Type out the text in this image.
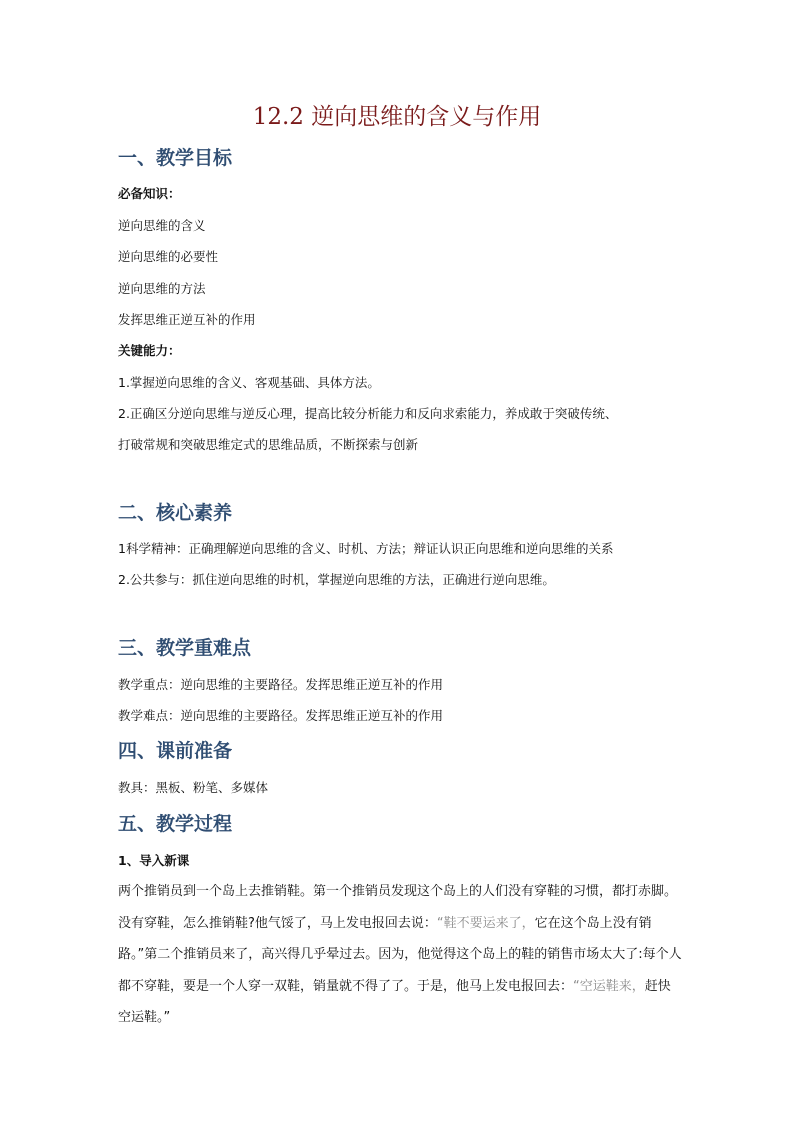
12.2 逆向思维的含义与作用
一、教学目标
必备知识：
逆向思维的含义
逆向思维的必要性
逆向思维的方法
发挥思维正逆互补的作用
关键能力：
1.掌握逆向思维的含义、客观基础、具体方法。
2.正确区分逆向思维与逆反心理，提高比较分析能力和反向求索能力，养成敢于突破传统、
打破常规和突破思维定式的思维品质，不断探索与创新
二、核心素养
1科学精神：正确理解逆向思维的含义、时机、方法；辩证认识正向思维和逆向思维的关系
2.公共参与：抓住逆向思维的时机，掌握逆向思维的方法，正确进行逆向思维。
三、教学重难点
教学重点：逆向思维的主要路径。发挥思维正逆互补的作用
教学难点：逆向思维的主要路径。发挥思维正逆互补的作用
四、课前准备
教具：黑板、粉笔、多媒体
五、教学过程
1、导入新课
两个推销员到一个岛上去推销鞋。第一个推销员发现这个岛上的人们没有穿鞋的习惯，都打赤脚。没有穿鞋，怎么推销鞋?他气馁了，马上发电报回去说：“鞋不要运来了，它在这个岛上没有销路。”第二个推销员来了，高兴得几乎晕过去。因为，他觉得这个岛上的鞋的销售市场太大了:每个人都不穿鞋，要是一个人穿一双鞋，销量就不得了了。于是，他马上发电报回去：“空运鞋来，赶快空运鞋。”
